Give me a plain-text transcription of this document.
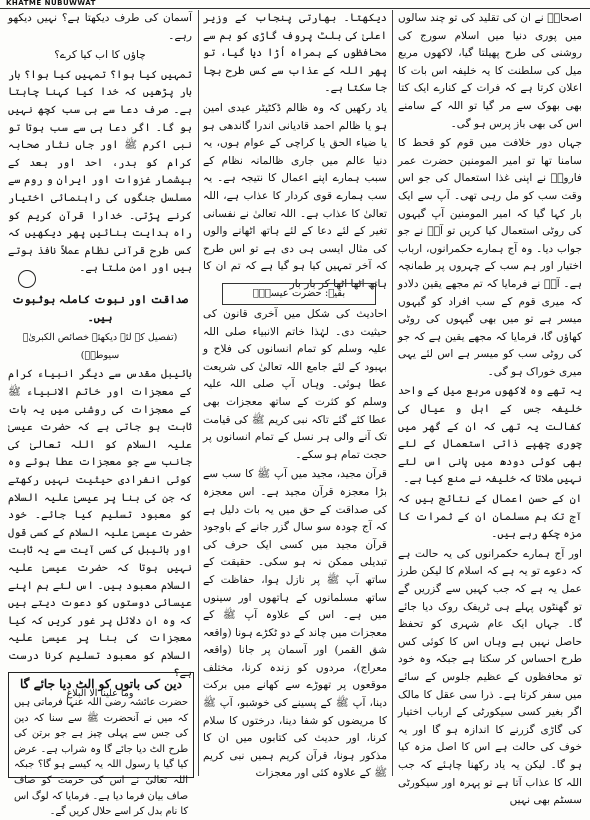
KHATME NUBUWWAT

اصحابؓ نے ان کی تقلید کی تو چند سالوں میں پوری دنیا میں اسلام سورج کی روشنی کی طرح پھیلتا گیا، لاکھوں مربع میل کی سلطنت کا یہ خلیفہ اس بات کا اعلان کرتا ہے کہ فرات کے کنارے ایک کتا بھی بھوک سے مر گیا تو اللہ کے سامنے اس کی بھی باز پرس ہو گی۔

جہاں دور خلافت میں قوم کو قحط کا سامنا تھا تو امیر المومنین حضرت عمر فاروقؓ نے اپنی غذا استعمال کی جو اس وقت سب کو مل رہی تھی۔ آپ سے ایک بار کہا گیا کہ امیر المومنین آپ گیہوں کی روٹی استعمال کیا کریں تو آپؓ نے جو جواب دیا۔ وہ آج ہمارے حکمرانوں، ارباب اختیار اور ہم سب کے چہروں پر طمانچہ ہے۔ آپؓ نے فرمایا کہ تم مجھے یقین دلادو کہ میری قوم کے سب افراد کو گیہوں میسر ہے تو میں بھی گیہوں کی روٹی کھاؤں گا، فرمایا کہ مجھے یقین ہے کہ جو کی روٹی سب کو میسر ہے اس لئے یہی میری خوراک ہو گی۔

یہ تھے وہ لاکھوں مربع میل کے واحد خلیفہ جس کے اہل و عیال کی کفالت یہ تھی کہ ان کے گھر میں چوری چھپے ذاتی استعمال کے لئے بھی کوئی دودھ میں پانی اس لئے نہیں ملاتا کہ خلیفہ نے منع کیا ہے۔

ان کے حسن اعمال کے نتائج ہیں کہ آج تک ہم مسلمان ان کے ثمرات کا مزہ چکھ رہے ہیں۔

اور آج ہمارے حکمرانوں کی یہ حالت ہے کہ دعوے تو یہ ہے کہ اسلام کا لیکن طرز عمل یہ ہے کہ جب کہیں سے گزریں گے تو گھنٹوں پہلے ہی ٹریفک روک دیا جائے گا۔ جہاں ایک عام شہری کو تحفظ حاصل نہیں ہے وہاں اس کا کوئی کس طرح احساس کر سکتا ہے جبکہ وہ خود تو محافظوں کے عظیم جلوس کے سائے میں سفر کرتا ہے۔ ذرا سی عقل کا مالک اگر بغیر کسی سیکورٹی کے ارباب اختیار کی گاڑی گزرنے کا اندازہ ہو گا اور یہ خوف کی حالت ہے اس کا اصل مزہ کیا ہو گا۔ لیکن یہ یاد رکھنا چاہئے کہ جب اللہ کا عذاب آتا ہے تو پہرہ اور سیکورٹی سسٹم بھی نہیں

دیکھتا۔ بھارتی پنجاب کے وزیر اعلیٰ کی بلٹ پروف گاڑی کو بم سے محافظوں کے ہمراہ اُڑا دیا گیا، تو پھر اللہ کے عذاب سے کس طرح بچا جا سکتا ہے۔

یاد رکھیں کہ وہ ظالم ڈکٹیٹر عیدی امین ہو یا ظالم احمد قادیانی اندرا گاندھی ہو یا ضیاء الحق یا کراچی کے عوام ہوں، یہ دنیا عالم میں جاری ظالمانہ نظام کے سبب ہمارے اپنے اعمال کا نتیجہ ہے۔ یہ سب ہمارے قوی کردار کا عذاب ہے، اللہ تعالیٰ کا عذاب ہے۔ اللہ تعالیٰ نے نفسانی تغیر کے لئے دعا کے لئے ہاتھ اٹھانے والوں کی مثال ایسی ہی دی ہے تو اس طرح کہ آخر تمہیں کیا ہو گیا ہے کہ تم ان کا ہاتھ اٹھا اٹھا کر بار بار

بقیہ: حضرت عیسیٰؑ

احادیث کی شکل میں آخری قانون کی حیثیت دی۔ لہٰذا خاتم الانبیاء صلی اللہ علیہ وسلم کو تمام انسانوں کی فلاح و بہبود کے لئے جامع اللہ تعالیٰ کی شریعت عطا ہوئی۔ وہاں آپ صلی اللہ علیہ وسلم کو کثرت کے ساتھ معجزات بھی عطا کئے گئے تاکہ نبی کریم ﷺ کی قیامت تک آنے والی ہر نسل کے تمام انسانوں پر حجت تمام ہو سکے۔

قرآن مجید، مجید میں آپ ﷺ کا سب سے بڑا معجزہ قرآن مجید ہے۔ اس معجزہ کی صداقت کے حق میں یہ بات دلیل ہے کہ آج چودہ سو سال گزر جانے کے باوجود قرآن مجید میں کسی ایک حرف کی تبدیلی ممکن نہ ہو سکی۔ حقیقت کے ساتھ آپ ﷺ پر نازل ہوا، حفاظت کے ساتھ مسلمانوں کے ہاتھوں اور سینوں میں ہے۔ اس کے علاوہ آپ ﷺ کے معجزات میں چاند کے دو ٹکڑے ہونا (واقعہ شق القمر) اور آسمان پر جانا (واقعہ معراج)، مردوں کو زندہ کرنا، مختلف موقعوں پر تھوڑے سے کھانے میں برکت دینا، آپ ﷺ کے پسینے کی خوشبو، آپ ﷺ کا مریضوں کو شفا دینا، درختوں کا سلام کرنا، اور حدیث کی کتابوں میں ان کا مذکور ہونا، قرآن کریم ہمیں نبی کریم ﷺ کے علاوہ کئی اور معجزات

آسمان کی طرف دیکھتا ہے؟ نہیں دیکھو رہے۔

چاؤں کا اب کیا کرے؟

تمہیں کیا ہوا؟ تمہیں کیا ہوا؟ بار بار پڑھیں کہ خدا کیا کہنا چاہتا ہے۔ صرف دعا سے ہی سب کچھ نہیں ہو گا۔ اگر دعا ہی سے سب ہوتا تو نبی اکرم ﷺ اور جاں نثار صحابہ کرام کو بدر، احد اور بعد کے بیشمار غزوات اور ایران و روم سے مسلسل جنگوں کی راہنمائی اختیار کرنے پڑتی۔ خدارا قرآن کریم کو راہ ہدایت بنائیں پھر دیکھیں کہ کس طرح قرآنی نظام عملاً نافذ ہوتے ہیں اور امن ملتا ہے۔

صداقت اور نبوت کاملہ بوثبوت ہیں۔

(تفصیل کے لئے دیکھئے خصائص الکبریٰ۔ سیوطیؒ)

بائیبل مقدس سے دیگر انبیاء کرام کے معجزات اور خاتم الانبیاء ﷺ کے معجزات کی روشنی میں یہ بات ثابت ہو جاتی ہے کہ حضرت عیسیٰ علیہ السلام کو اللہ تعالیٰ کی جانب سے جو معجزات عطا ہوئے وہ کوئی انفرادی حیثیت نہیں رکھتے کہ جن کی بنا پر عیسیٰ علیہ السلام کو معبود تسلیم کیا جائے۔ خود حضرت عیسیٰ علیہ السلام کے کسی قول اور بائیبل کی کسی آیت سے یہ ثابت نہیں ہوتا کہ حضرت عیسیٰ علیہ السلام معبود ہیں۔ اس لئے ہم اپنے عیسائی دوستوں کو دعوت دیتے ہیں کہ وہ ان دلائل پر غور کریں کہ کیا معجزات کی بنا پر عیسیٰ علیہ السلام کو معبود تسلیم کرنا درست ہے؟

وما علینا الا البلاغ

دین کی باتوں کو الٹ دیا جائے گا
حضرت عائشہ رضی اللہ عنہا فرماتی ہیں کہ میں نے آنحضرت ﷺ سے سنا کہ دین کی جس سے پہلی چیز ہے جو برتن کی طرح الٹ دیا جائے گا وہ شراب ہے۔ عرض کیا گیا یا رسول اللہ یہ کیسے ہو گا؟ جبکہ اللہ تعالیٰ نے اس کی حرمت کو صاف صاف بیان فرما دیا ہے۔ فرمایا کہ لوگ اس کا نام بدل کر اسے حلال کریں گے۔
